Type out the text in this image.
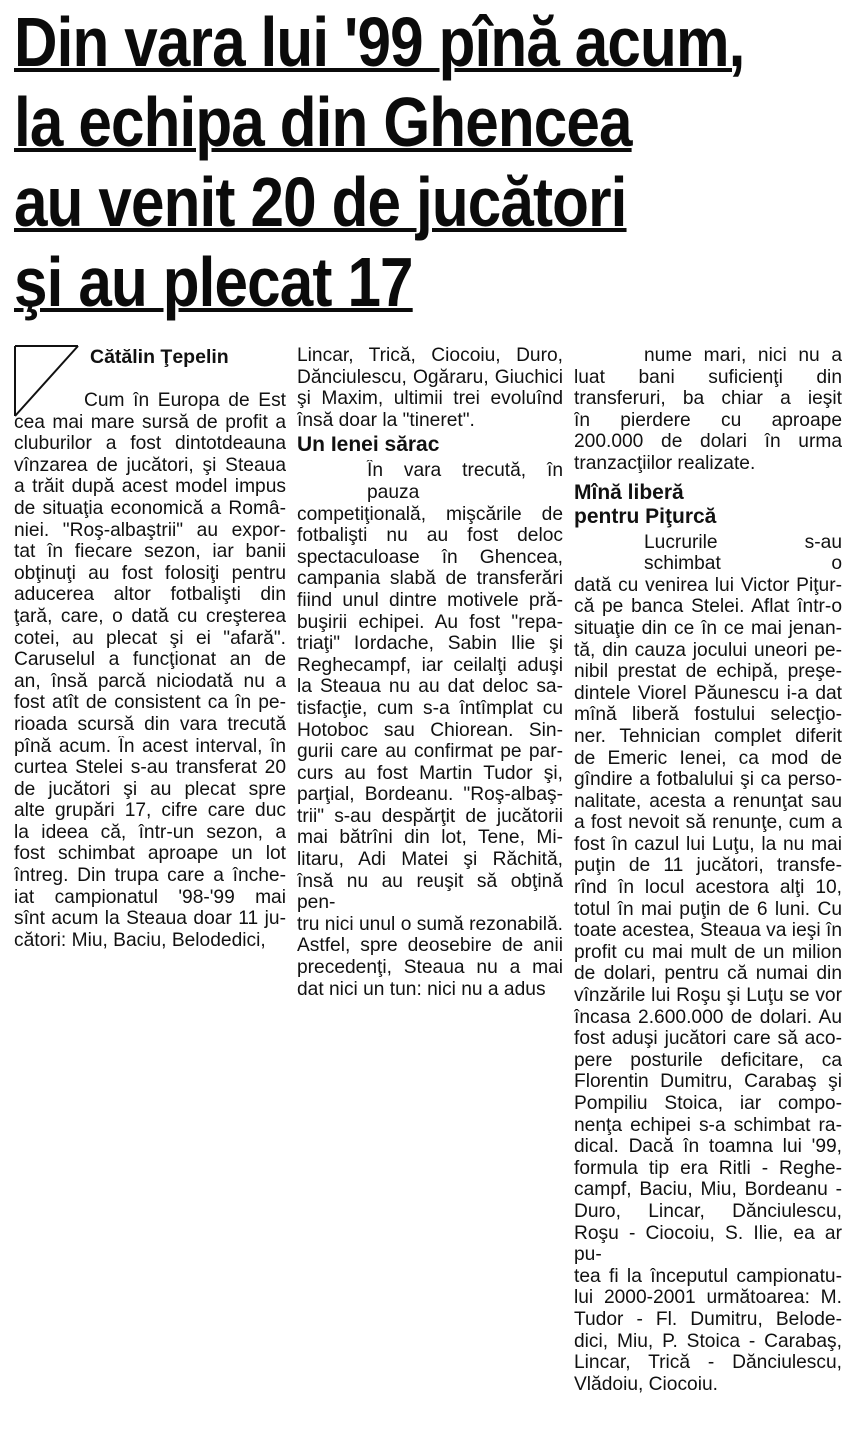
Din vara lui '99 pînă acum,
la echipa din Ghencea
au venit 20 de jucători
şi au plecat 17
Cătălin Ţepelin
Cum în Europa de Est
cea mai mare sursă de profit a
cluburilor a fost dintotdeauna
vînzarea de jucători, şi Steaua
a trăit după acest model impus
de situaţia economică a Româ-
niei. "Roş-albaştrii" au expor-
tat în fiecare sezon, iar banii
obţinuţi au fost folosiţi pentru
aducerea altor fotbalişti din
ţară, care, o dată cu creşterea
cotei, au plecat şi ei "afară".
Caruselul a funcţionat an de
an, însă parcă niciodată nu a
fost atît de consistent ca în pe-
rioada scursă din vara trecută
pînă acum. În acest interval, în
curtea Stelei s-au transferat 20
de jucători şi au plecat spre
alte grupări 17, cifre care duc
la ideea că, într-un sezon, a
fost schimbat aproape un lot
întreg. Din trupa care a înche-
iat campionatul '98-'99 mai
sînt acum la Steaua doar 11 ju-
cători: Miu, Baciu, Belodedici,
Lincar, Trică, Ciocoiu, Duro,
Dănciulescu, Ogăraru, Giuchici
şi Maxim, ultimii trei evoluînd
însă doar la "tineret".
Un Ienei sărac
În vara trecută, în pauza
competiţională, mişcările de
fotbalişti nu au fost deloc
spectaculoase în Ghencea,
campania slabă de transferări
fiind unul dintre motivele pră-
buşirii echipei. Au fost "repa-
triaţi" Iordache, Sabin Ilie şi
Reghecampf, iar ceilalţi aduşi
la Steaua nu au dat deloc sa-
tisfacţie, cum s-a întîmplat cu
Hotoboc sau Chiorean. Sin-
gurii care au confirmat pe par-
curs au fost Martin Tudor şi,
parţial, Bordeanu. "Roş-albaş-
trii" s-au despărţit de jucătorii
mai bătrîni din lot, Tene, Mi-
litaru, Adi Matei şi Răchită,
însă nu au reuşit să obţină pen-
tru nici unul o sumă rezonabilă.
Astfel, spre deosebire de anii
precedenţi, Steaua nu a mai
dat nici un tun: nici nu a adus
nume mari, nici nu a
luat bani suficienţi din
transferuri, ba chiar a ieşit
în pierdere cu aproape
200.000 de dolari în urma
tranzacţiilor realizate.
Mînă liberă
pentru Piţurcă
Lucrurile s-au schimbat o
dată cu venirea lui Victor Piţur-
că pe banca Stelei. Aflat într-o
situaţie din ce în ce mai jenan-
tă, din cauza jocului uneori pe-
nibil prestat de echipă, preşe-
dintele Viorel Păunescu i-a dat
mînă liberă fostului selecţio-
ner. Tehnician complet diferit
de Emeric Ienei, ca mod de
gîndire a fotbalului şi ca perso-
nalitate, acesta a renunţat sau
a fost nevoit să renunţe, cum a
fost în cazul lui Luţu, la nu mai
puţin de 11 jucători, transfe-
rînd în locul acestora alţi 10,
totul în mai puţin de 6 luni. Cu
toate acestea, Steaua va ieşi în
profit cu mai mult de un milion
de dolari, pentru că numai din
vînzările lui Roşu şi Luţu se vor
încasa 2.600.000 de dolari. Au
fost aduşi jucători care să aco-
pere posturile deficitare, ca
Florentin Dumitru, Carabaş şi
Pompiliu Stoica, iar compo-
nenţa echipei s-a schimbat ra-
dical. Dacă în toamna lui '99,
formula tip era Ritli - Reghe-
campf, Baciu, Miu, Bordeanu -
Duro, Lincar, Dănciulescu,
Roşu - Ciocoiu, S. Ilie, ea ar pu-
tea fi la începutul campionatu-
lui 2000-2001 următoarea: M.
Tudor - Fl. Dumitru, Belode-
dici, Miu, P. Stoica - Carabaş,
Lincar, Trică - Dănciulescu,
Vlădoiu, Ciocoiu.
